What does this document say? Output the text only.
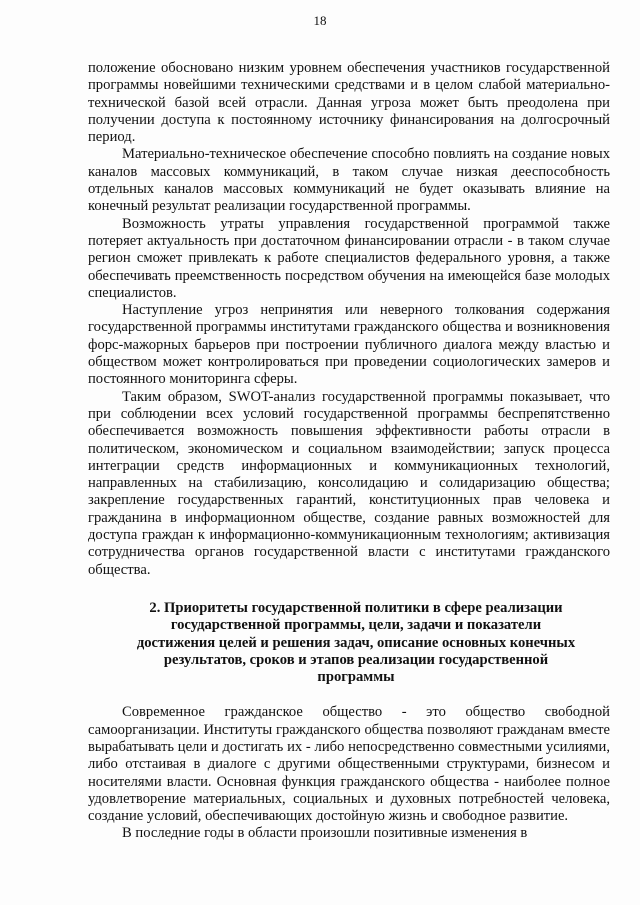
18

положение обосновано низким уровнем обеспечения участников государственной программы новейшими техническими средствами и в целом слабой материально-технической базой всей отрасли. Данная угроза может быть преодолена при получении доступа к постоянному источнику финансирования на долгосрочный период.

Материально-техническое обеспечение способно повлиять на создание новых каналов массовых коммуникаций, в таком случае низкая дееспособность отдельных каналов массовых коммуникаций не будет оказывать влияние на конечный результат реализации государственной программы.

Возможность утраты управления государственной программой также потеряет актуальность при достаточном финансировании отрасли - в таком случае регион сможет привлекать к работе специалистов федерального уровня, а также обеспечивать преемственность посредством обучения на имеющейся базе молодых специалистов.

Наступление угроз непринятия или неверного толкования содержания государственной программы институтами гражданского общества и возникновения форс-мажорных барьеров при построении публичного диалога между властью и обществом может контролироваться при проведении социологических замеров и постоянного мониторинга сферы.

Таким образом, SWOT-анализ государственной программы показывает, что при соблюдении всех условий государственной программы беспрепятственно обеспечивается возможность повышения эффективности работы отрасли в политическом, экономическом и социальном взаимодействии; запуск процесса интеграции средств информационных и коммуникационных технологий, направленных на стабилизацию, консолидацию и солидаризацию общества; закрепление государственных гарантий, конституционных прав человека и гражданина в информационном обществе, создание равных возможностей для доступа граждан к информационно-коммуникационным технологиям; активизация сотрудничества органов государственной власти с институтами гражданского общества.

2. Приоритеты государственной политики в сфере реализации государственной программы, цели, задачи и показатели достижения целей и решения задач, описание основных конечных результатов, сроков и этапов реализации государственной программы

Современное гражданское общество - это общество свободной самоорганизации. Институты гражданского общества позволяют гражданам вместе вырабатывать цели и достигать их - либо непосредственно совместными усилиями, либо отстаивая в диалоге с другими общественными структурами, бизнесом и носителями власти. Основная функция гражданского общества - наиболее полное удовлетворение материальных, социальных и духовных потребностей человека, создание условий, обеспечивающих достойную жизнь и свободное развитие.

В последние годы в области произошли позитивные изменения в
